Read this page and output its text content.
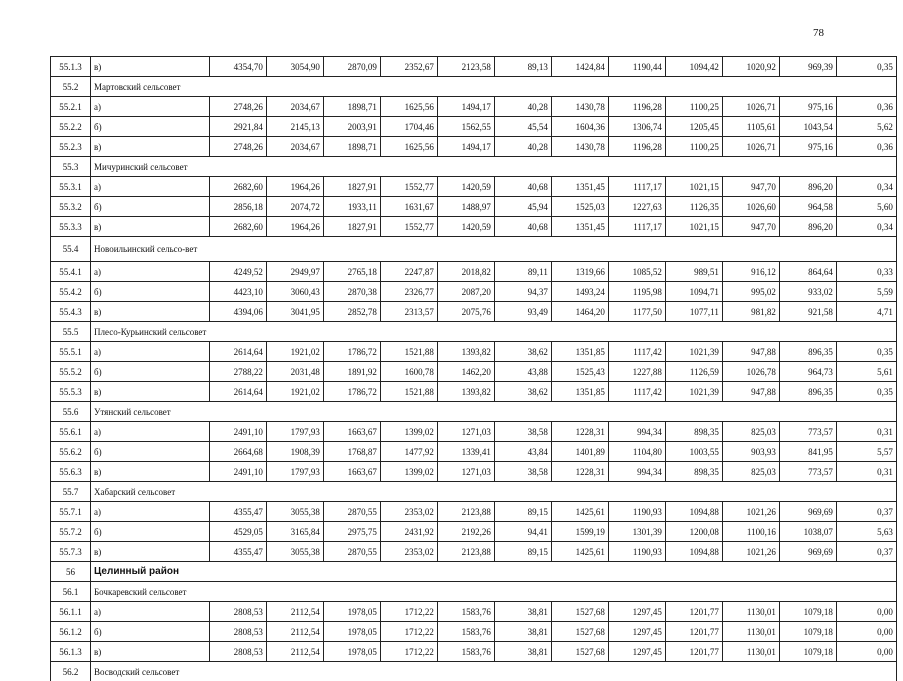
78
55.1.3	в)	4354,70	3054,90	2870,09	2352,67	2123,58	89,13	1424,84	1190,44	1094,42	1020,92	969,39	0,35
55.2	Мартовский сельсовет												
55.2.1	а)	2748,26	2034,67	1898,71	1625,56	1494,17	40,28	1430,78	1196,28	1100,25	1026,71	975,16	0,36
55.2.2	б)	2921,84	2145,13	2003,91	1704,46	1562,55	45,54	1604,36	1306,74	1205,45	1105,61	1043,54	5,62
55.2.3	в)	2748,26	2034,67	1898,71	1625,56	1494,17	40,28	1430,78	1196,28	1100,25	1026,71	975,16	0,36
55.3	Мичуринский сельсовет												
55.3.1	а)	2682,60	1964,26	1827,91	1552,77	1420,59	40,68	1351,45	1117,17	1021,15	947,70	896,20	0,34
55.3.2	б)	2856,18	2074,72	1933,11	1631,67	1488,97	45,94	1525,03	1227,63	1126,35	1026,60	964,58	5,60
55.3.3	в)	2682,60	1964,26	1827,91	1552,77	1420,59	40,68	1351,45	1117,17	1021,15	947,70	896,20	0,34
55.4	Новоильинский сельсо-вет												
55.4.1	а)	4249,52	2949,97	2765,18	2247,87	2018,82	89,11	1319,66	1085,52	989,51	916,12	864,64	0,33
55.4.2	б)	4423,10	3060,43	2870,38	2326,77	2087,20	94,37	1493,24	1195,98	1094,71	995,02	933,02	5,59
55.4.3	в)	4394,06	3041,95	2852,78	2313,57	2075,76	93,49	1464,20	1177,50	1077,11	981,82	921,58	4,71
55.5	Плесо-Курьинский сельсовет												
55.5.1	а)	2614,64	1921,02	1786,72	1521,88	1393,82	38,62	1351,85	1117,42	1021,39	947,88	896,35	0,35
55.5.2	б)	2788,22	2031,48	1891,92	1600,78	1462,20	43,88	1525,43	1227,88	1126,59	1026,78	964,73	5,61
55.5.3	в)	2614,64	1921,02	1786,72	1521,88	1393,82	38,62	1351,85	1117,42	1021,39	947,88	896,35	0,35
55.6	Утянский сельсовет												
55.6.1	а)	2491,10	1797,93	1663,67	1399,02	1271,03	38,58	1228,31	994,34	898,35	825,03	773,57	0,31
55.6.2	б)	2664,68	1908,39	1768,87	1477,92	1339,41	43,84	1401,89	1104,80	1003,55	903,93	841,95	5,57
55.6.3	в)	2491,10	1797,93	1663,67	1399,02	1271,03	38,58	1228,31	994,34	898,35	825,03	773,57	0,31
55.7	Хабарский сельсовет												
55.7.1	а)	4355,47	3055,38	2870,55	2353,02	2123,88	89,15	1425,61	1190,93	1094,88	1021,26	969,69	0,37
55.7.2	б)	4529,05	3165,84	2975,75	2431,92	2192,26	94,41	1599,19	1301,39	1200,08	1100,16	1038,07	5,63
55.7.3	в)	4355,47	3055,38	2870,55	2353,02	2123,88	89,15	1425,61	1190,93	1094,88	1021,26	969,69	0,37
56	Целинный район												
56.1	Бочкаревский сельсовет												
56.1.1	а)	2808,53	2112,54	1978,05	1712,22	1583,76	38,81	1527,68	1297,45	1201,77	1130,01	1079,18	0,00
56.1.2	б)	2808,53	2112,54	1978,05	1712,22	1583,76	38,81	1527,68	1297,45	1201,77	1130,01	1079,18	0,00
56.1.3	в)	2808,53	2112,54	1978,05	1712,22	1583,76	38,81	1527,68	1297,45	1201,77	1130,01	1079,18	0,00
56.2	Восводский сельсовет												
